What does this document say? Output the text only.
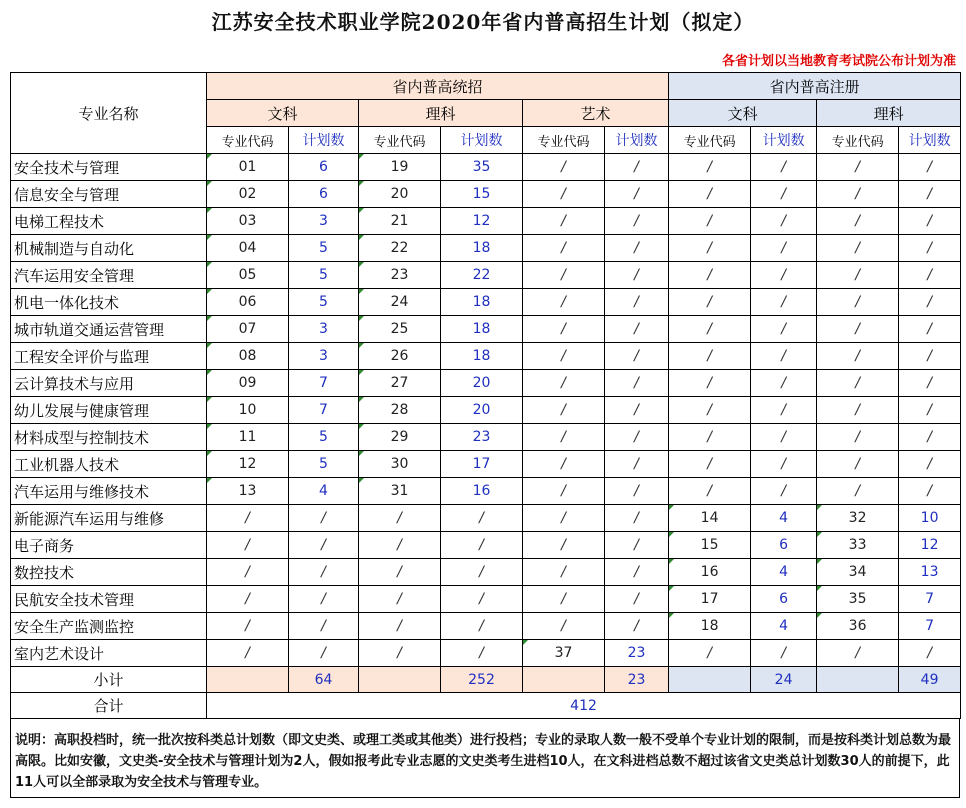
江苏安全技术职业学院2020年省内普高招生计划（拟定）
各省计划以当地教育考试院公布计划为准
专业名称	省内普高统招						省内普高注册			
	文科		理科		艺术		文科		理科	
	专业代码	计划数	专业代码	计划数	专业代码	计划数	专业代码	计划数	专业代码	计划数
安全技术与管理	01	6	19	35	/	/	/	/	/	/
信息安全与管理	02	6	20	15	/	/	/	/	/	/
电梯工程技术	03	3	21	12	/	/	/	/	/	/
机械制造与自动化	04	5	22	18	/	/	/	/	/	/
汽车运用安全管理	05	5	23	22	/	/	/	/	/	/
机电一体化技术	06	5	24	18	/	/	/	/	/	/
城市轨道交通运营管理	07	3	25	18	/	/	/	/	/	/
工程安全评价与监理	08	3	26	18	/	/	/	/	/	/
云计算技术与应用	09	7	27	20	/	/	/	/	/	/
幼儿发展与健康管理	10	7	28	20	/	/	/	/	/	/
材料成型与控制技术	11	5	29	23	/	/	/	/	/	/
工业机器人技术	12	5	30	17	/	/	/	/	/	/
汽车运用与维修技术	13	4	31	16	/	/	/	/	/	/
新能源汽车运用与维修	/	/	/	/	/	/	14	4	32	10
电子商务	/	/	/	/	/	/	15	6	33	12
数控技术	/	/	/	/	/	/	16	4	34	13
民航安全技术管理	/	/	/	/	/	/	17	6	35	7
安全生产监测监控	/	/	/	/	/	/	18	4	36	7
室内艺术设计	/	/	/	/	37	23	/	/	/	/
小计		64		252		23		24		49
合计	412									
说明：高职投档时，统一批次按科类总计划数（即文史类、或理工类或其他类）进行投档；专业的录取人数一般不受单个专业计划的限制，而是按科类计划总数为最高限。比如安徽，文史类-安全技术与管理计划为2人，假如报考此专业志愿的文史类考生进档10人，在文科进档总数不超过该省文史类总计划数30人的前提下，此11人可以全部录取为安全技术与管理专业。
